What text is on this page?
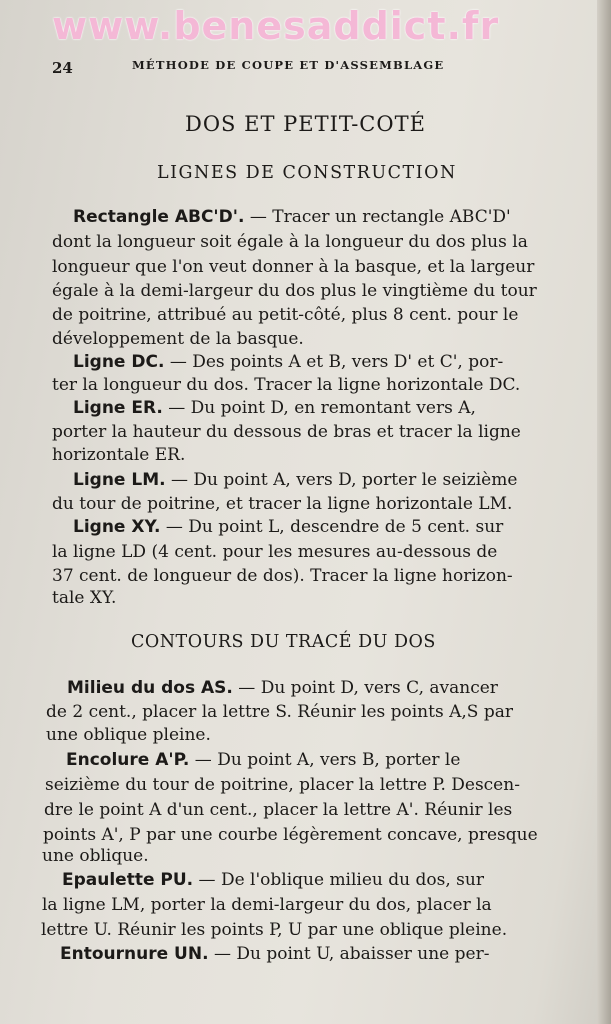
www.benesaddict.fr
24	MÉTHODE DE COUPE ET D'ASSEMBLAGE
DOS ET PETIT-COTÉ
LIGNES DE CONSTRUCTION
Rectangle ABC'D'. — Tracer un rectangle ABC'D'
dont la longueur soit égale à la longueur du dos plus la
longueur que l'on veut donner à la basque, et la largeur
égale à la demi-largeur du dos plus le vingtième du tour
de poitrine, attribué au petit-côté, plus 8 cent. pour le
développement de la basque.
Ligne DC. — Des points A et B, vers D' et C', por-
ter la longueur du dos. Tracer la ligne horizontale DC.
Ligne ER. — Du point D, en remontant vers A,
porter la hauteur du dessous de bras et tracer la ligne
horizontale ER.
Ligne LM. — Du point A, vers D, porter le seizième
du tour de poitrine, et tracer la ligne horizontale LM.
Ligne XY. — Du point L, descendre de 5 cent. sur
la ligne LD (4 cent. pour les mesures au-dessous de
37 cent. de longueur de dos). Tracer la ligne horizon-
tale XY.
CONTOURS DU TRACÉ DU DOS
Milieu du dos AS. — Du point D, vers C, avancer
de 2 cent., placer la lettre S. Réunir les points A,S par
une oblique pleine.
Encolure A'P. — Du point A, vers B, porter le
seizième du tour de poitrine, placer la lettre P. Descen-
dre le point A d'un cent., placer la lettre A'. Réunir les
points A', P par une courbe légèrement concave, presque
une oblique.
Epaulette PU. — De l'oblique milieu du dos, sur
la ligne LM, porter la demi-largeur du dos, placer la
lettre U. Réunir les points P, U par une oblique pleine.
Entournure UN. — Du point U, abaisser une per-
